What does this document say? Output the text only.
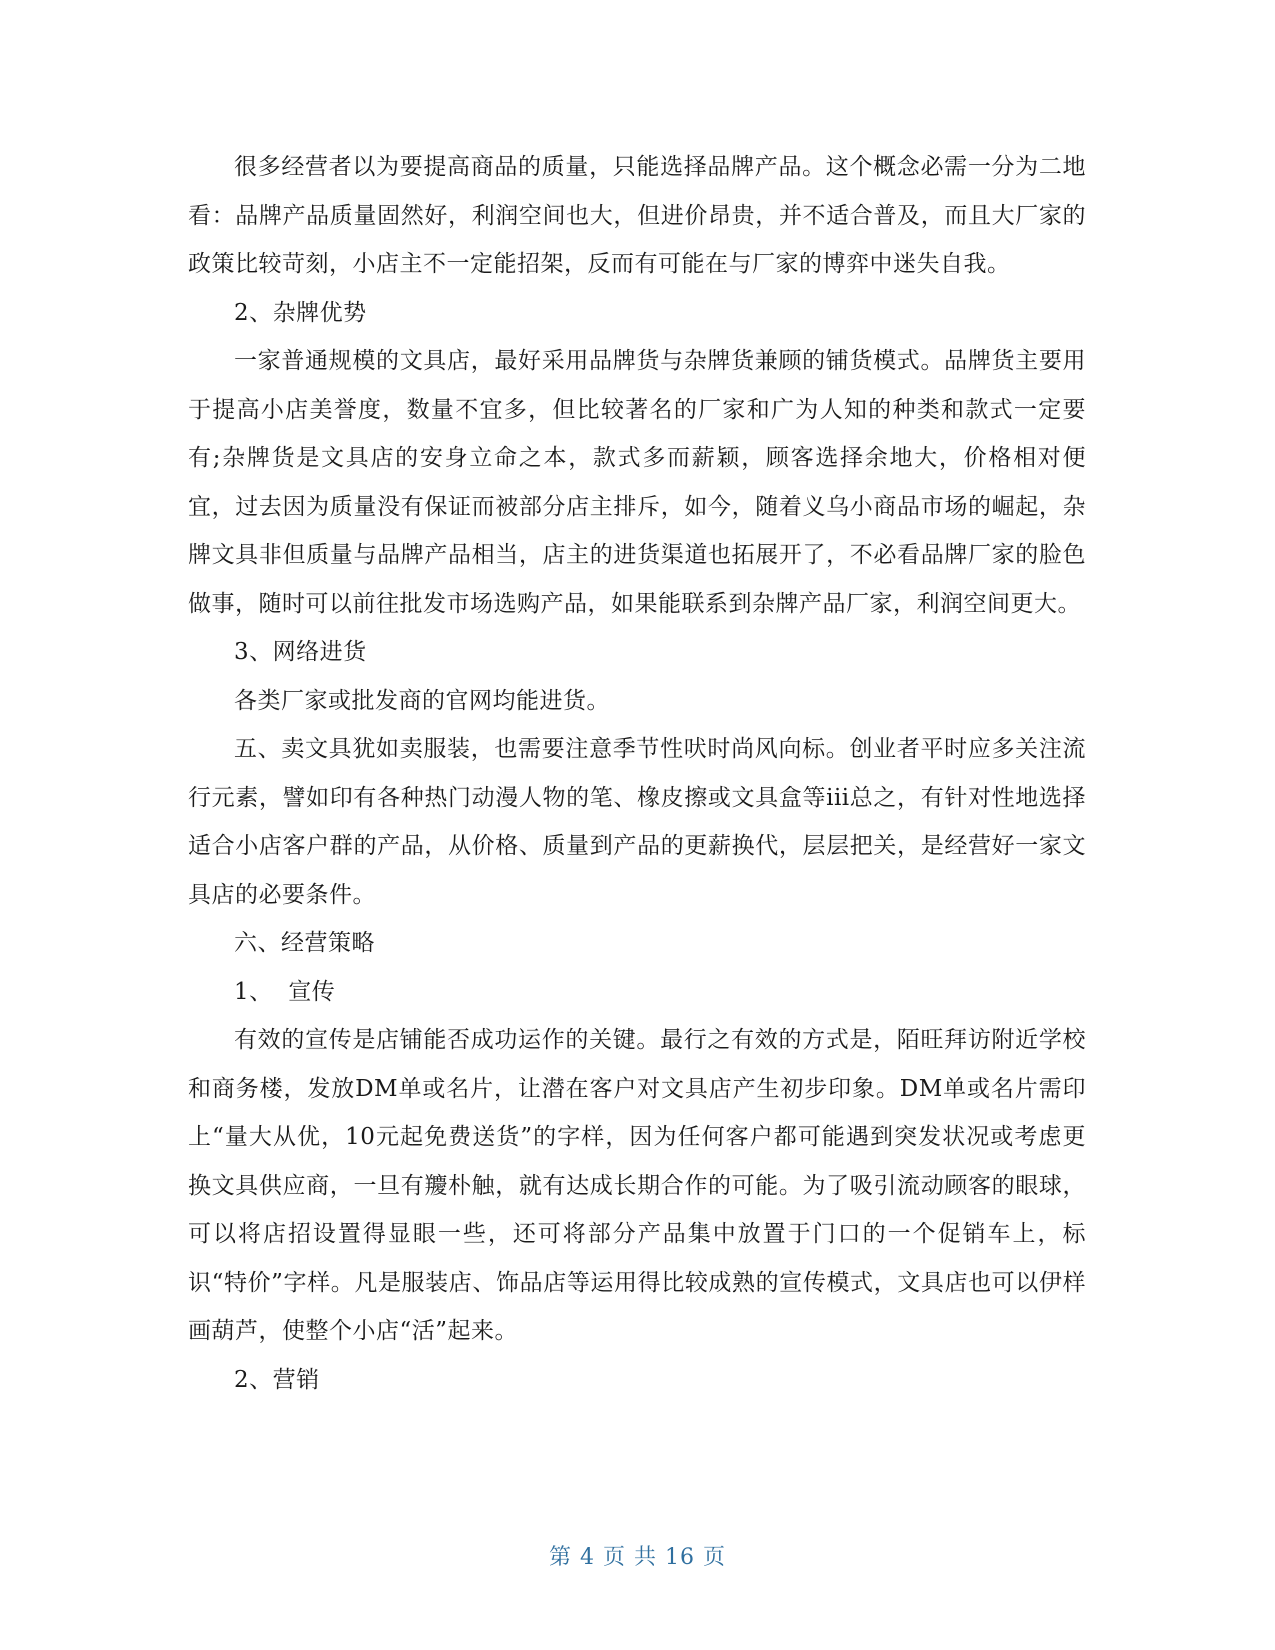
很多经营者以为要提高商品的质量，只能选择品牌产品。这个概念必需一分为二地看：品牌产品质量固然好，利润空间也大，但进价昂贵，并不适合普及，而且大厂家的政策比较苛刻，小店主不一定能招架，反而有可能在与厂家的博弈中迷失自我。

2、杂牌优势

一家普通规模的文具店，最好采用品牌货与杂牌货兼顾的铺货模式。品牌货主要用于提高小店美誉度，数量不宜多，但比较著名的厂家和广为人知的种类和款式一定要有;杂牌货是文具店的安身立命之本，款式多而薪颖，顾客选择余地大，价格相对便宜，过去因为质量没有保证而被部分店主排斥，如今，随着义乌小商品市场的崛起，杂牌文具非但质量与品牌产品相当，店主的进货渠道也拓展开了，不必看品牌厂家的脸色做事，随时可以前往批发市场选购产品，如果能联系到杂牌产品厂家，利润空间更大。

3、网络进货

各类厂家或批发商的官网均能进货。

五、卖文具犹如卖服装，也需要注意季节性吠时尚风向标。创业者平时应多关注流行元素，譬如印有各种热门动漫人物的笔、橡皮擦或文具盒等iii总之，有针对性地选择适合小店客户群的产品，从价格、质量到产品的更薪换代，层层把关，是经营好一家文具店的必要条件。

六、经营策略

1、  宣传

有效的宣传是店铺能否成功运作的关键。最行之有效的方式是，陌旺拜访附近学校和商务楼，发放DM单或名片，让潜在客户对文具店产生初步印象。DM单或名片需印上“量大从优，10元起免费送货”的字样，因为任何客户都可能遇到突发状况或考虑更换文具供应商，一旦有羻朴触，就有达成长期合作的可能。为了吸引流动顾客的眼球，可以将店招设置得显眼一些，还可将部分产品集中放置于门口的一个促销车上，标识“特价”字样。凡是服装店、饰品店等运用得比较成熟的宣传模式，文具店也可以伊样画葫芦，使整个小店“活”起来。

2、营销

第 4 页 共 16 页
